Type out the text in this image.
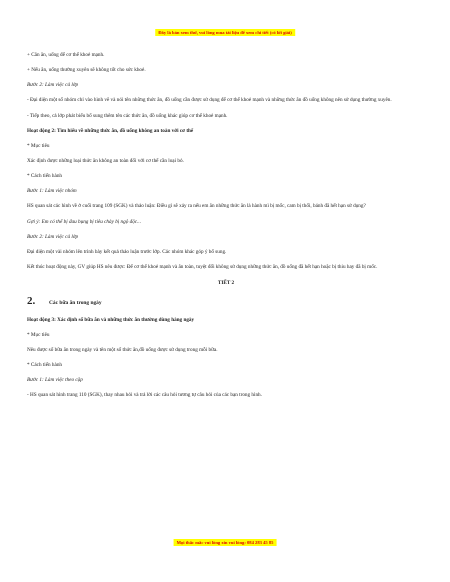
Đây là bản xem thử, vui lòng mua tài liệu để xem chi tiết (có lời giải)
+ Cân ăn, uống để cơ thể khoẻ mạnh.
+ Nếu ăn, uống thường xuyên sẽ không tốt cho sức khoẻ.
Bước 2: Làm việc cả lớp
- Đại diện một số nhóm chỉ vào hình vẽ và nói tên những thức ăn, đồ uống cần được sử dụng để cơ thể khoẻ mạnh và những thức ăn đồ uống không nên sử dụng thường xuyên.
- Tiếp theo, cả lớp phát biểu bổ sung thêm tên các thức ăn, đồ uống khác giúp cơ thể khoẻ mạnh.
Hoạt động 2: Tìm hiểu về những thức ăn, đồ uống không an toàn với cơ thể
* Mục tiêu
Xác định được những loại thức ăn không an toàn đối với cơ thể cần loại bỏ.
* Cách tiến hành
Bước 1: Làm việc nhóm
HS quan sát các hình về ở cuối trang 109 (SGK) và thảo luận: Điều gì sẽ xảy ra nếu em ăn những thức ăn là hành mì bị mốc, cam bị thối, bánh đã hết hạn sử dụng?
Gợi ý: Em có thể bị đau bụng bị tiêu chảy bị ngộ độc...
Bước 2: Làm việc cả lớp
Đại diện một vài nhóm lên trình bày kết quả thảo luận trước lớp. Các nhóm khác góp ý bổ sung.
Kết thúc hoạt động này, GV giúp HS nêu được: Để cơ thể khoẻ mạnh và ăn toàn, tuyệt đối không sử dụng những thức ăn, đồ uống đã hết hạn hoặc bị thiu hay đã bị mốc.
TIẾT 2
2.	Các bữa ăn trong ngày
Hoạt động 3: Xác định số bữa ăn và những thức ăn thường dùng hàng ngày
* Mục tiêu
Nêu được số bữa ăn trong ngày và tên một số thức ăn,đồ uống được sử dụng trong mỗi bữa.
* Cách tiến hành
Bước 1: Làm việc theo cặp
- HS quan sát hình trang 110 (SGK), thay nhau hỏi và trả lời các câu hỏi tương tự câu hỏi của các bạn trong hình.
Mọi thắc mắc vui lòng xin vui lòng: 084 283 45 85
